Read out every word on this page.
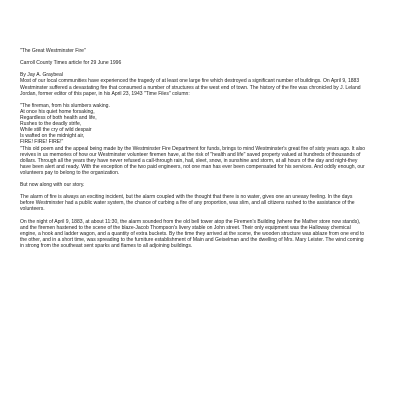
"The Great Westminster Fire"

Carroll County Times article for 29 June 1996

By Jay A. Graybeal

Most of our local communities have experienced the tragedy of at least one large fire which destroyed a significant number of buildings. On April 9, 1883 Westminster suffered a devastating fire that consumed a number of structures at the west end of town. The history of the fire was chronicled by J. Leland Jordan, former editor of this paper, in his April 23, 1943 "Time Files" column:

"The fireman, from his slumbers waking.

At once his quiet home forsaking,

Regardless of both health and life,

Rushes to the deadly strife,

While still the cry of wild despair

Is wafted on the midnight air,

FIRE! FIRE! FIRE!"

"This old poem and the appeal being made by the Westminster Fire Department for funds, brings to mind Westminster's great fire of sixty years ago. It also revives in us memories of how our Westminster volunteer firemen have, at the risk of "health and life" saved property valued at hundreds of thousands of dollars. Through all the years they have never refused a call-through rain, hail, sleet, snow, in sunshine and storm, at all hours of the day and night-they have been alert and ready. With the exception of the two paid engineers, not one man has ever been compensated for his services. And oddly enough, our volunteers pay to belong to the organization.

But now along with our story.

The alarm of fire is always an exciting incident, but the alarm coupled with the thought that there is no water, gives one an uneasy feeling. In the days before Westminster had a public water system, the chance of curbing a fire of any proportion, was slim, and all citizens rushed to the assistance of the volunteers.

On the night of April 9, 1883, at about 11:30, the alarm sounded from the old bell tower atop the Firemen's Building (where the Mather store now stands), and the firemen hastened to the scene of the blaze-Jacob Thompson's livery stable on John street. Their only equipment was the Halloway chemical engine, a hook and ladder wagon, and a quantity of extra buckets. By the time they arrived at the scene, the wooden structure was ablaze from one end to the other, and in a short time, was spreading to the furniture establishment of Main and Geiselman and the dwelling of Mrs. Mary Leister. The wind coming in strong from the southeast sent sparks and flames to all adjoining buildings.
